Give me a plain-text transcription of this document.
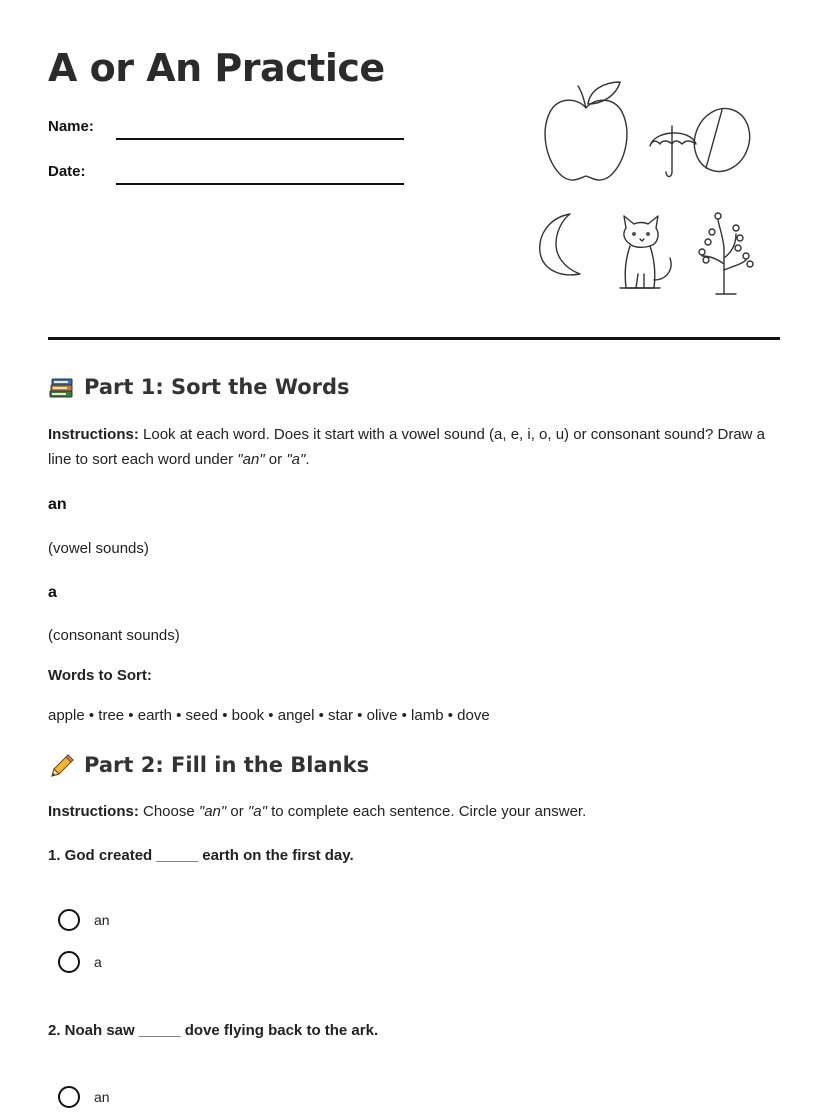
A or An Practice
Name:
Date:
Part 1: Sort the Words
Instructions: Look at each word. Does it start with a vowel sound (a, e, i, o, u) or consonant sound? Draw a line to sort each word under "an" or "a".
an
(vowel sounds)
a
(consonant sounds)
Words to Sort:
apple • tree • earth • seed • book • angel • star • olive • lamb • dove
Part 2: Fill in the Blanks
Instructions: Choose "an" or "a" to complete each sentence. Circle your answer.
1. God created _____ earth on the first day.
an
a
2. Noah saw _____ dove flying back to the ark.
an
